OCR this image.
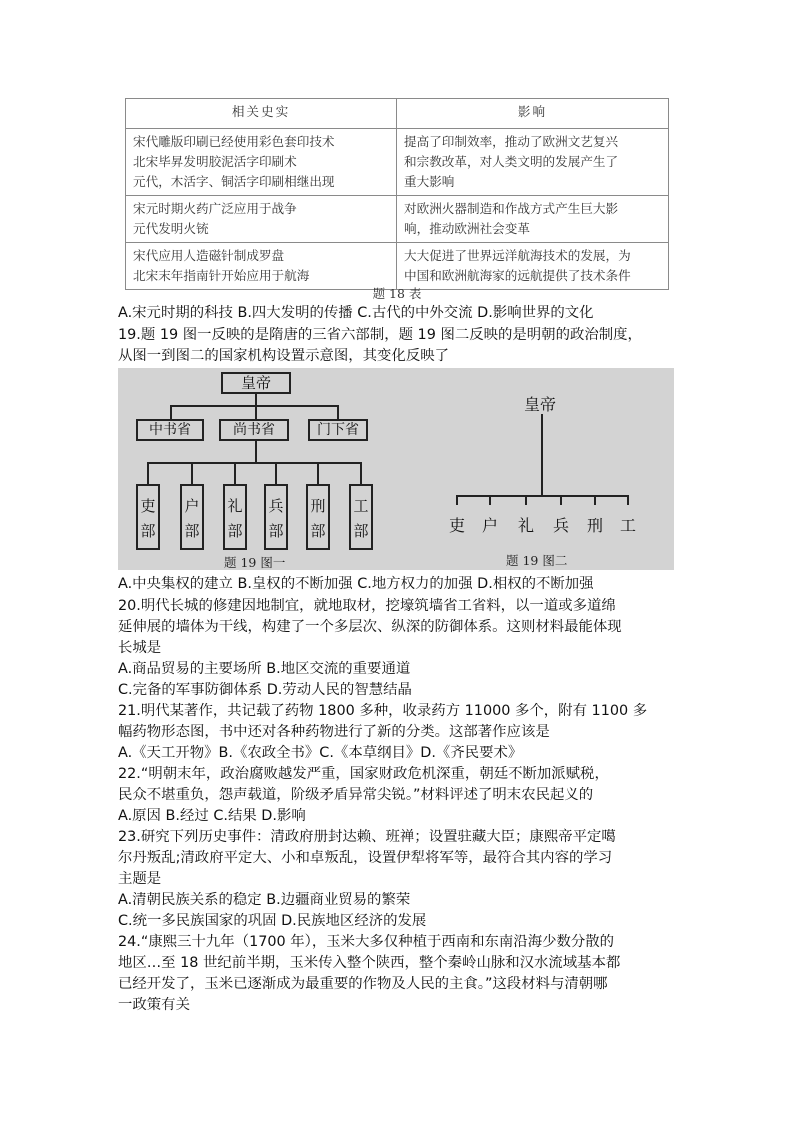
相关史实	影响

宋代雕版印刷已经使用彩色套印技术
北宋毕昇发明胶泥活字印刷术
元代，木活字、铜活字印刷相继出现	提高了印制效率，推动了欧洲文艺复兴
和宗教改革，对人类文明的发展产生了
重大影响

宋元时期火药广泛应用于战争
元代发明火铳	对欧洲火器制造和作战方式产生巨大影
响，推动欧洲社会变革

宋代应用人造磁针制成罗盘
北宋末年指南针开始应用于航海	大大促进了世界远洋航海技术的发展，为
中国和欧洲航海家的远航提供了技术条件
题 18 表
A.宋元时期的科技 B.四大发明的传播 C.古代的中外交流 D.影响世界的文化
19.题 19 图一反映的是隋唐的三省六部制，题 19 图二反映的是明朝的政治制度，
从图一到图二的国家机构设置示意图，其变化反映了
皇帝
中书省	尚书省	门下省
吏
部
户
部
礼
部
兵
部
刑
部
工
部
题 19 图一
皇帝
吏 户 礼 兵 刑 工
题 19 图二
A.中央集权的建立 B.皇权的不断加强 C.地方权力的加强 D.相权的不断加强
20.明代长城的修建因地制宜，就地取材，挖壕筑墙省工省料，以一道或多道绵
延伸展的墙体为干线，构建了一个多层次、纵深的防御体系。这则材料最能体现
长城是
A.商品贸易的主要场所 B.地区交流的重要通道
C.完备的军事防御体系 D.劳动人民的智慧结晶
21.明代某著作，共记载了药物 1800 多种，收录药方 11000 多个，附有 1100 多
幅药物形态图，书中还对各种药物进行了新的分类。这部著作应该是
A.《天工开物》B.《农政全书》C.《本草纲目》D.《齐民要术》
22.“明朝末年，政治腐败越发严重，国家财政危机深重，朝廷不断加派赋税，
民众不堪重负，怨声载道，阶级矛盾异常尖锐。”材料评述了明末农民起义的
A.原因 B.经过 C.结果 D.影响
23.研究下列历史事件：清政府册封达赖、班禅；设置驻藏大臣；康熙帝平定噶
尔丹叛乱;清政府平定大、小和卓叛乱，设置伊犁将军等，最符合其内容的学习
主题是
A.清朝民族关系的稳定 B.边疆商业贸易的繁荣
C.统一多民族国家的巩固 D.民族地区经济的发展
24.“康熙三十九年（1700 年），玉米大多仅种植于西南和东南沿海少数分散的
地区…至 18 世纪前半期，玉米传入整个陕西，整个秦岭山脉和汉水流域基本都
已经开发了，玉米已逐渐成为最重要的作物及人民的主食。”这段材料与清朝哪
一政策有关
